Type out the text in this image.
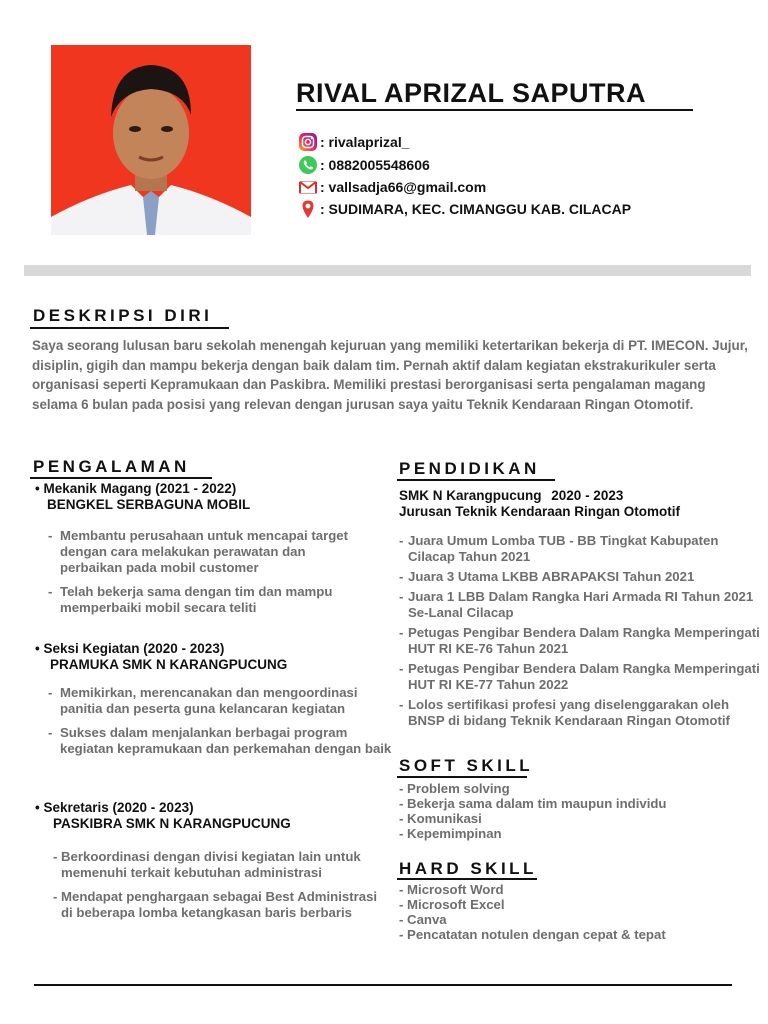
RIVAL APRIZAL SAPUTRA
: rivalaprizal_
: 0882005548606
: vallsadja66@gmail.com
: SUDIMARA, KEC. CIMANGGU KAB. CILACAP
DESKRIPSI DIRI
Saya seorang lulusan baru sekolah menengah kejuruan yang memiliki ketertarikan bekerja di PT. IMECON. Jujur, disiplin, gigih dan mampu bekerja dengan baik dalam tim. Pernah aktif dalam kegiatan ekstrakurikuler serta organisasi seperti Kepramukaan dan Paskibra. Memiliki prestasi berorganisasi serta pengalaman magang selama 6 bulan pada posisi yang relevan dengan jurusan saya yaitu Teknik Kendaraan Ringan Otomotif.
PENGALAMAN
• Mekanik Magang (2021 - 2022)
BENGKEL SERBAGUNA MOBIL
- Membantu perusahaan untuk mencapai target dengan cara melakukan perawatan dan perbaikan pada mobil customer
- Telah bekerja sama dengan tim dan mampu memperbaiki mobil secara teliti
• Seksi Kegiatan (2020 - 2023)
PRAMUKA SMK N KARANGPUCUNG
- Memikirkan, merencanakan dan mengoordinasi panitia dan peserta guna kelancaran kegiatan
- Sukses dalam menjalankan berbagai program kegiatan kepramukaan dan perkemahan dengan baik
• Sekretaris (2020 - 2023)
PASKIBRA SMK N KARANGPUCUNG
- Berkoordinasi dengan divisi kegiatan lain untuk memenuhi terkait kebutuhan administrasi
- Mendapat penghargaan sebagai Best Administrasi di beberapa lomba ketangkasan baris berbaris
PENDIDIKAN
SMK N Karangpucung 2020 - 2023
Jurusan Teknik Kendaraan Ringan Otomotif
- Juara Umum Lomba TUB - BB Tingkat Kabupaten Cilacap Tahun 2021
- Juara 3 Utama LKBB ABRAPAKSI Tahun 2021
- Juara 1 LBB Dalam Rangka Hari Armada RI Tahun 2021 Se-Lanal Cilacap
- Petugas Pengibar Bendera Dalam Rangka Memperingati HUT RI KE-76 Tahun 2021
- Petugas Pengibar Bendera Dalam Rangka Memperingati HUT RI KE-77 Tahun 2022
- Lolos sertifikasi profesi yang diselenggarakan oleh BNSP di bidang Teknik Kendaraan Ringan Otomotif
SOFT SKILL
- Problem solving
- Bekerja sama dalam tim maupun individu
- Komunikasi
- Kepemimpinan
HARD SKILL
- Microsoft Word
- Microsoft Excel
- Canva
- Pencatatan notulen dengan cepat & tepat
